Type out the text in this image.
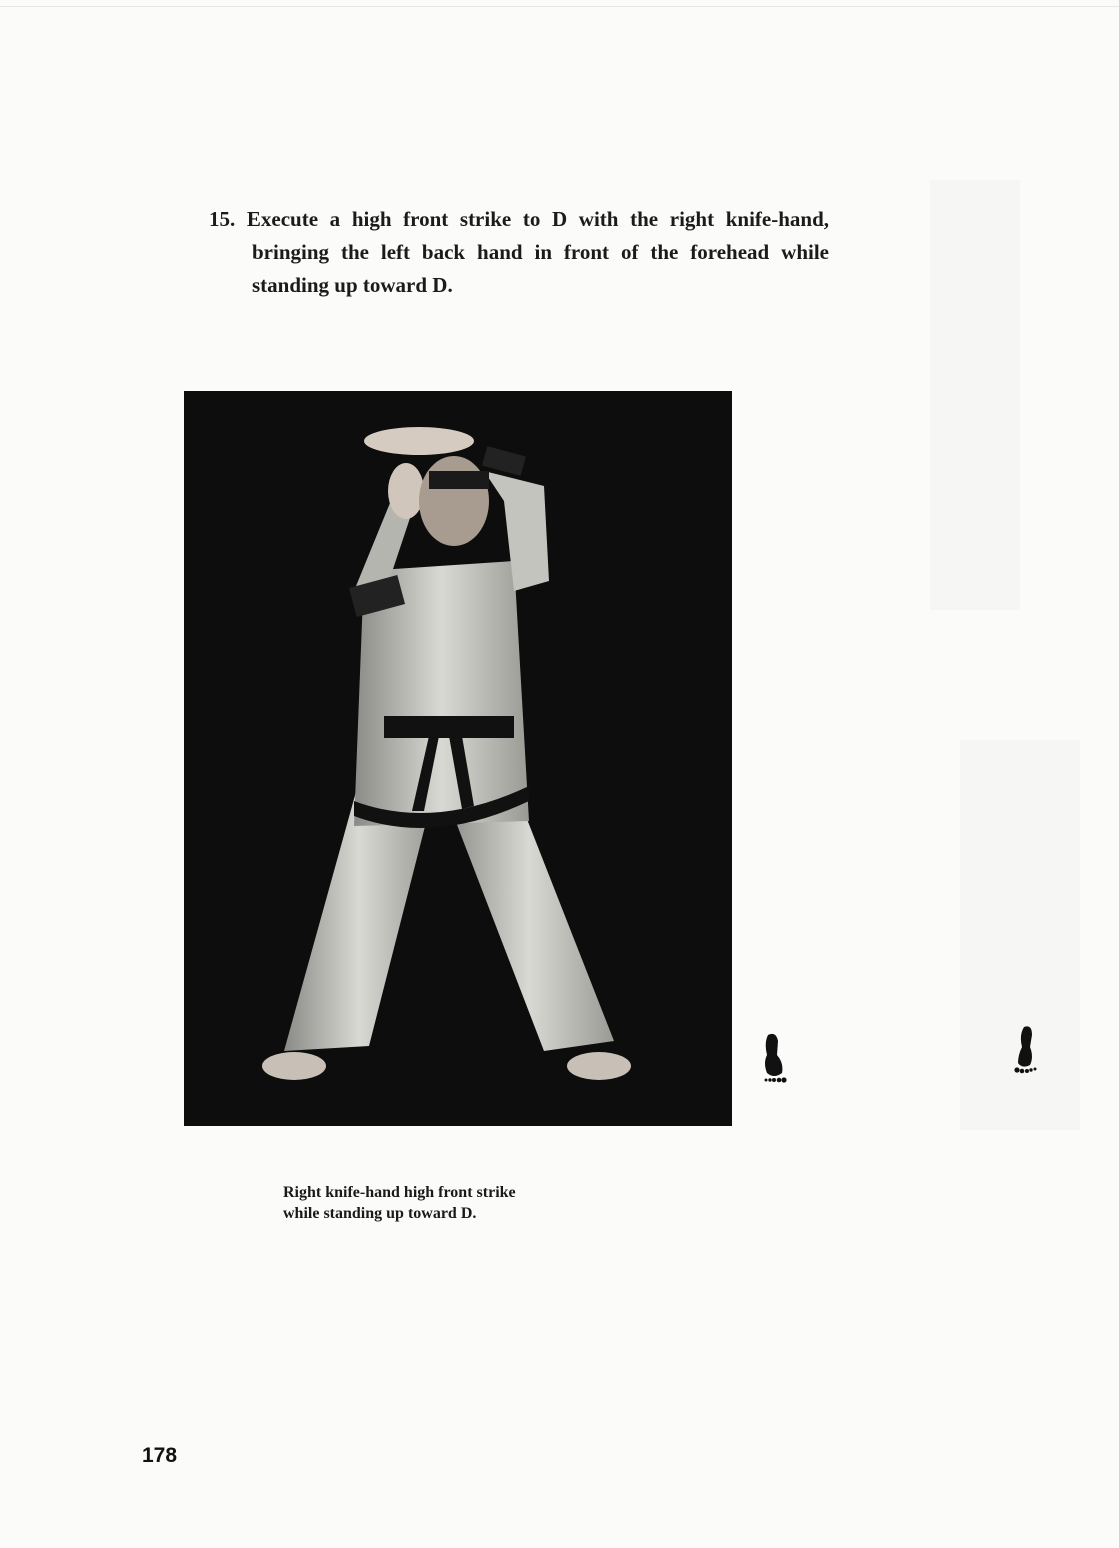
15. Execute a high front strike to D with the right knife-hand, bringing the left back hand in front of the forehead while standing up toward D.
Right knife-hand high front strike
while standing up toward D.
178
